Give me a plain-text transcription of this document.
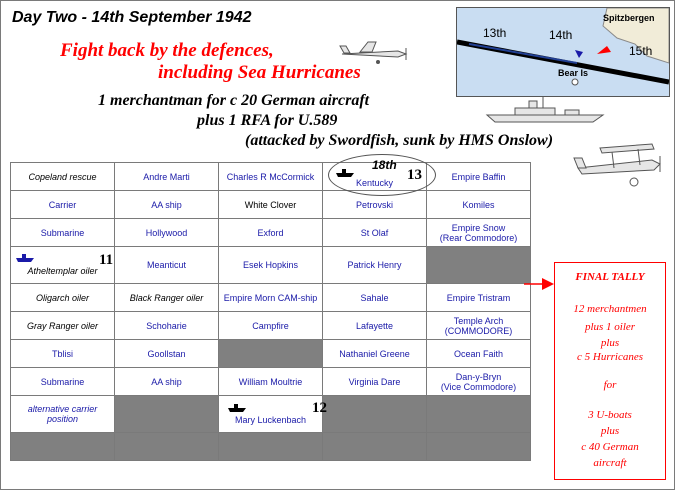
Day Two - 14th September 1942
Fight back by the defences,
including Sea Hurricanes
1 merchantman for c 20 German aircraft
plus 1 RFA for U.589
(attacked by Swordfish, sunk by HMS Onslow)
13th	14th
15th
Spitzbergen
Bear Is
Copeland rescue	Andre Marti	Charles R McCormick	Kentucky	Empire Baffin
Carrier	AA ship	White Clover	Petrovski	Komiles
Submarine	Hollywood	Exford	St Olaf	Empire Snow
(Rear Commodore)

Atheltemplar oiler	Meanticut	Esek Hopkins	Patrick Henry	
Oligarch oiler	Black Ranger oiler	Empire Morn CAM-ship	Sahale	Empire Tristram
Gray Ranger oiler	Schoharie	Campfire	Lafayette	Temple Arch
(COMMODORE)

Tblisi	Goollstan		Nathaniel Greene	Ocean Faith
Submarine	AA ship	William Moultrie	Virginia Dare	Dan-y-Bryn
(Vice Commodore)

alternative carrier position		Mary Luckenbach		

18th
13
11
12
FINAL TALLY
12 merchantmen
plus 1 oiler
plus
c 5 Hurricanes
for
3 U-boats
plus
c 40 German
aircraft
